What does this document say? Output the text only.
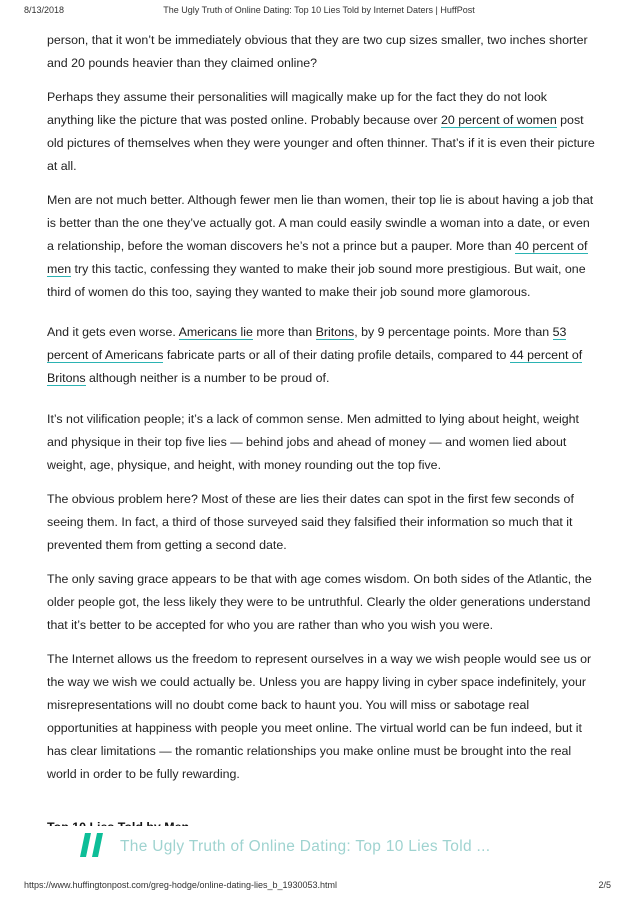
8/13/2018	The Ugly Truth of Online Dating: Top 10 Lies Told by Internet Daters | HuffPost

person, that it won’t be immediately obvious that they are two cup sizes smaller, two inches shorter and 20 pounds heavier than they claimed online?

Perhaps they assume their personalities will magically make up for the fact they do not look anything like the picture that was posted online. Probably because over 20 percent of women post old pictures of themselves when they were younger and often thinner. That’s if it is even their picture at all.

Men are not much better. Although fewer men lie than women, their top lie is about having a job that is better than the one they’ve actually got. A man could easily swindle a woman into a date, or even a relationship, before the woman discovers he’s not a prince but a pauper. More than 40 percent of men try this tactic, confessing they wanted to make their job sound more prestigious. But wait, one third of women do this too, saying they wanted to make their job sound more glamorous.

And it gets even worse. Americans lie more than Britons, by 9 percentage points. More than 53 percent of Americans fabricate parts or all of their dating profile details, compared to 44 percent of Britons although neither is a number to be proud of.

It’s not vilification people; it’s a lack of common sense. Men admitted to lying about height, weight and physique in their top five lies — behind jobs and ahead of money — and women lied about weight, age, physique, and height, with money rounding out the top five.

The obvious problem here? Most of these are lies their dates can spot in the first few seconds of seeing them. In fact, a third of those surveyed said they falsified their information so much that it prevented them from getting a second date.

The only saving grace appears to be that with age comes wisdom. On both sides of the Atlantic, the older people got, the less likely they were to be untruthful. Clearly the older generations understand that it’s better to be accepted for who you are rather than who you wish you were.

The Internet allows us the freedom to represent ourselves in a way we wish people would see us or the way we wish we could actually be. Unless you are happy living in cyber space indefinitely, your misrepresentations will no doubt come back to haunt you. You will miss or sabotage real opportunities at happiness with people you meet online. The virtual world can be fun indeed, but it has clear limitations — the romantic relationships you make online must be brought into the real world in order to be fully rewarding.

The Ugly Truth of Online Dating: Top 10 Lies Told ...
https://www.huffingtonpost.com/greg-hodge/online-dating-lies_b_1930053.html	2/5
